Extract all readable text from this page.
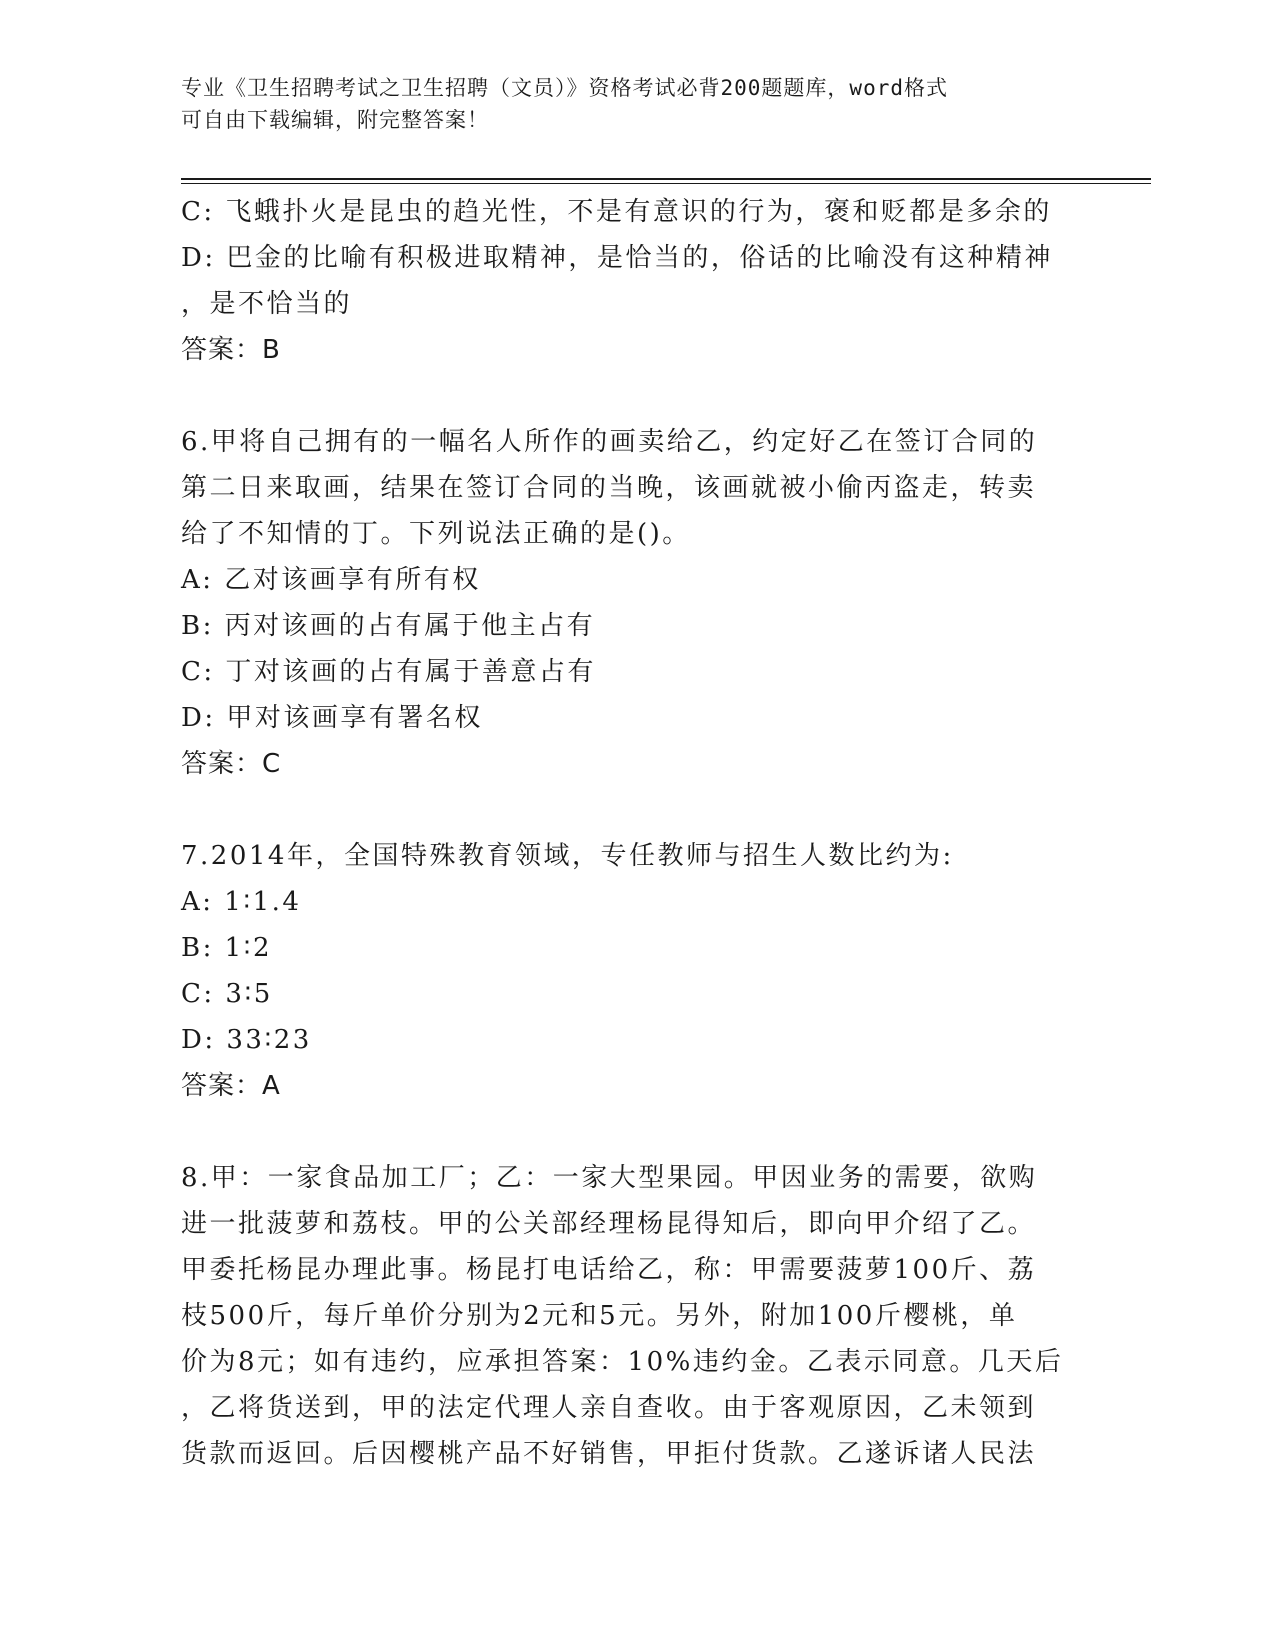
专业《卫生招聘考试之卫生招聘（文员）》资格考试必背200题题库，word格式
可自由下载编辑，附完整答案！
C: 飞蛾扑火是昆虫的趋光性，不是有意识的行为，褒和贬都是多余的
D: 巴金的比喻有积极进取精神，是恰当的，俗话的比喻没有这种精神
，是不恰当的
答案：B
6.甲将自己拥有的一幅名人所作的画卖给乙，约定好乙在签订合同的
第二日来取画，结果在签订合同的当晚，该画就被小偷丙盗走，转卖
给了不知情的丁。下列说法正确的是()。
A: 乙对该画享有所有权
B: 丙对该画的占有属于他主占有
C: 丁对该画的占有属于善意占有
D: 甲对该画享有署名权
答案：C
7.2014年，全国特殊教育领域，专任教师与招生人数比约为:
A: 1∶1.4
B: 1∶2
C: 3∶5
D: 33∶23
答案：A
8.甲：一家食品加工厂；乙：一家大型果园。甲因业务的需要，欲购
进一批菠萝和荔枝。甲的公关部经理杨昆得知后，即向甲介绍了乙。
甲委托杨昆办理此事。杨昆打电话给乙，称：甲需要菠萝100斤、荔
枝500斤，每斤单价分别为2元和5元。另外，附加100斤樱桃，单
价为8元；如有违约，应承担答案：10%违约金。乙表示同意。几天后
，乙将货送到，甲的法定代理人亲自查收。由于客观原因，乙未领到
货款而返回。后因樱桃产品不好销售，甲拒付货款。乙遂诉诸人民法
